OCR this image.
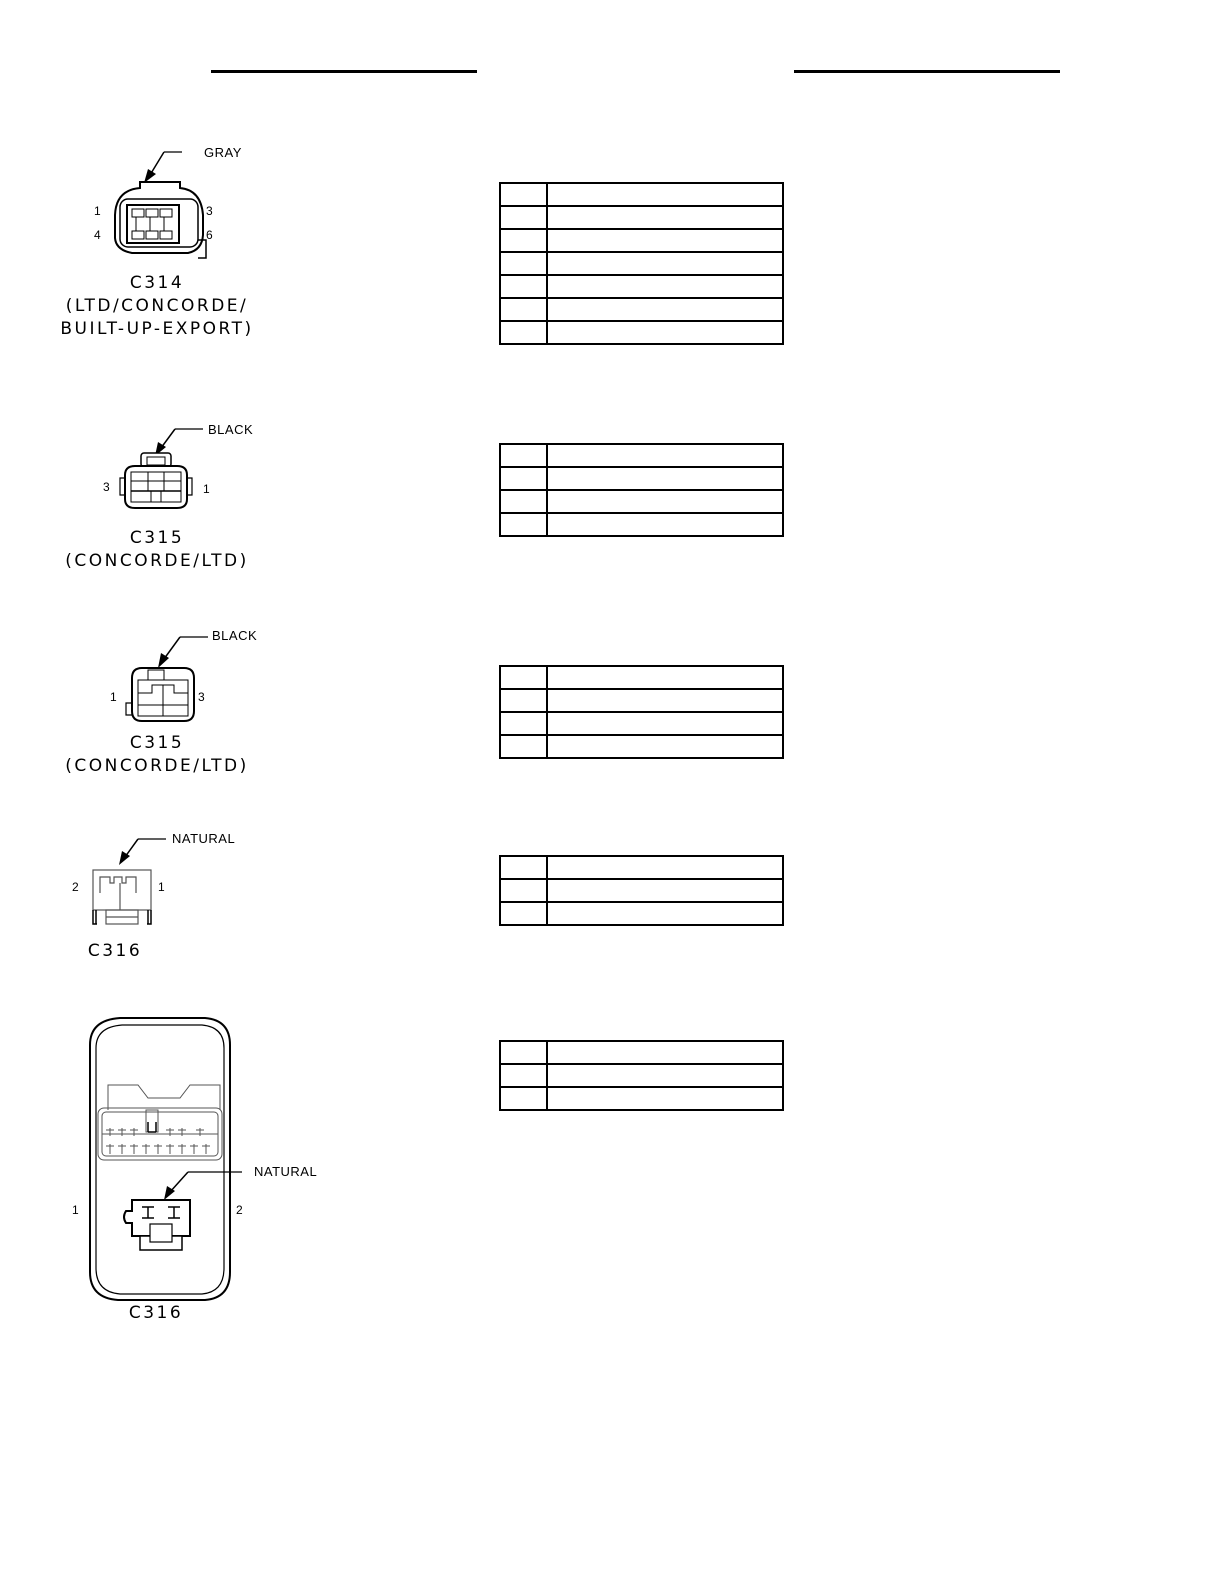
GRAY
1	3
4	6
C314
(LTD/CONCORDE/
BUILT-UP-EXPORT)

BLACK
3	1
C315
(CONCORDE/LTD)

BLACK
1	3
C315
(CONCORDE/LTD)

NATURAL
2	1
C316

NATURAL
1	2
C316
